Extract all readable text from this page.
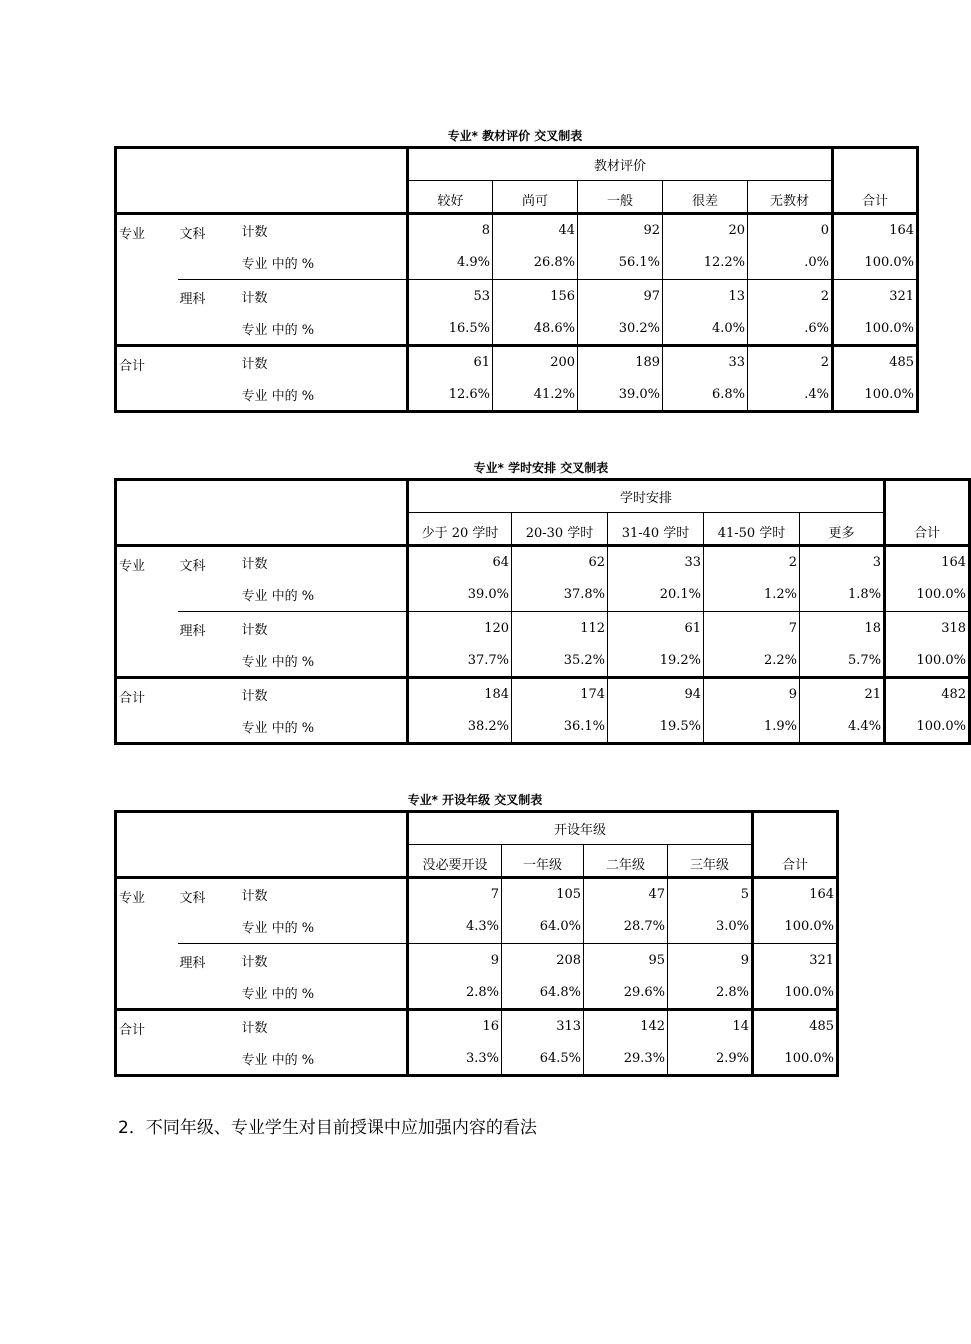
专业* 教材评价 交叉制表
			教材评价					合计
			较好	尚可	一般	很差	无教材	
专业	文科	计数	8	44	92	20	0	164
		专业 中的 %	4.9%	26.8%	56.1%	12.2%	.0%	100.0%
	理科	计数	53	156	97	13	2	321
		专业 中的 %	16.5%	48.6%	30.2%	4.0%	.6%	100.0%
合计		计数	61	200	189	33	2	485
		专业 中的 %	12.6%	41.2%	39.0%	6.8%	.4%	100.0%
专业* 学时安排 交叉制表
			学时安排					合计
			少于 20 学时	20-30 学时	31-40 学时	41-50 学时	更多	
专业	文科	计数	64	62	33	2	3	164
		专业 中的 %	39.0%	37.8%	20.1%	1.2%	1.8%	100.0%
	理科	计数	120	112	61	7	18	318
		专业 中的 %	37.7%	35.2%	19.2%	2.2%	5.7%	100.0%
合计		计数	184	174	94	9	21	482
		专业 中的 %	38.2%	36.1%	19.5%	1.9%	4.4%	100.0%
专业* 开设年级 交叉制表
			开设年级				合计
			没必要开设	一年级	二年级	三年级	
专业	文科	计数	7	105	47	5	164
		专业 中的 %	4.3%	64.0%	28.7%	3.0%	100.0%
	理科	计数	9	208	95	9	321
		专业 中的 %	2.8%	64.8%	29.6%	2.8%	100.0%
合计		计数	16	313	142	14	485
		专业 中的 %	3.3%	64.5%	29.3%	2.9%	100.0%
2．不同年级、专业学生对目前授课中应加强内容的看法
